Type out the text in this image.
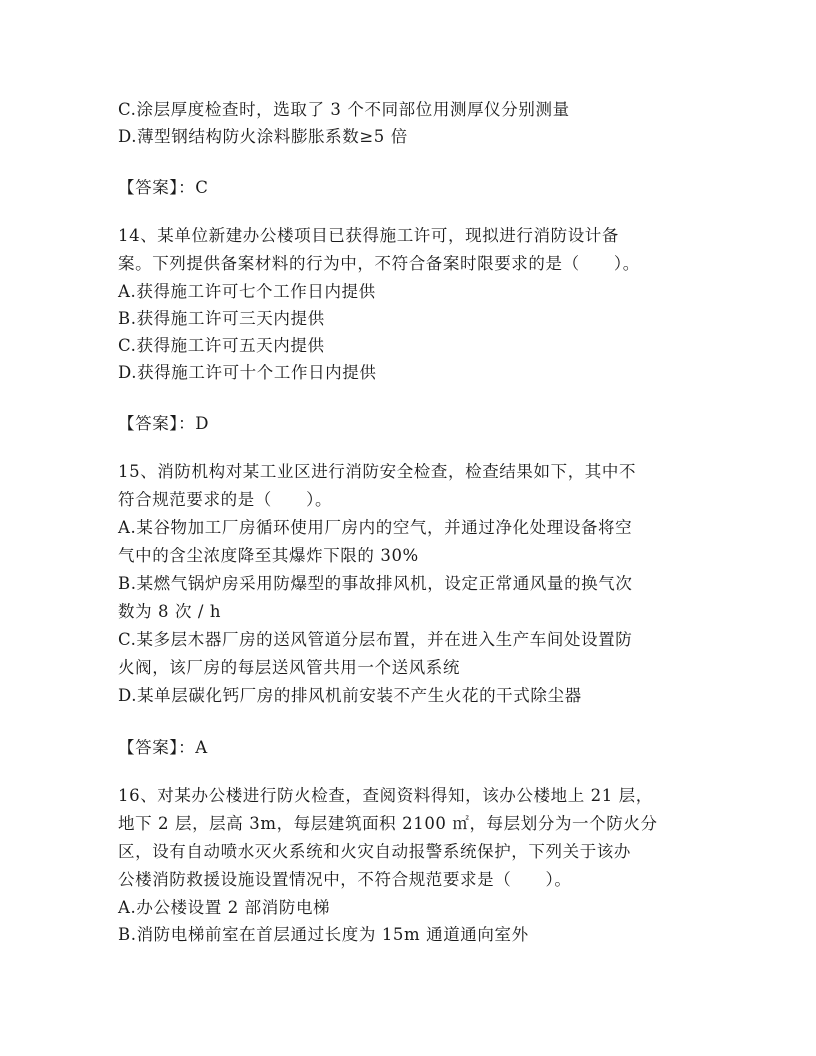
C.涂层厚度检查时，选取了 3 个不同部位用测厚仪分别测量
D.薄型钢结构防火涂料膨胀系数≥5 倍
【答案】：C
14、某单位新建办公楼项目已获得施工许可，现拟进行消防设计备
案。下列提供备案材料的行为中，不符合备案时限要求的是（　　）。
A.获得施工许可七个工作日内提供
B.获得施工许可三天内提供
C.获得施工许可五天内提供
D.获得施工许可十个工作日内提供
【答案】：D
15、消防机构对某工业区进行消防安全检查，检查结果如下，其中不
符合规范要求的是（　　）。
A.某谷物加工厂房循环使用厂房内的空气，并通过净化处理设备将空
气中的含尘浓度降至其爆炸下限的 30%
B.某燃气锅炉房采用防爆型的事故排风机，设定正常通风量的换气次
数为 8 次 / h
C.某多层木器厂房的送风管道分层布置，并在进入生产车间处设置防
火阀，该厂房的每层送风管共用一个送风系统
D.某单层碳化钙厂房的排风机前安装不产生火花的干式除尘器
【答案】：A
16、对某办公楼进行防火检查，查阅资料得知，该办公楼地上 21 层，
地下 2 层，层高 3m，每层建筑面积 2100 ㎡，每层划分为一个防火分
区，设有自动喷水灭火系统和火灾自动报警系统保护，下列关于该办
公楼消防救援设施设置情况中，不符合规范要求是（　　）。
A.办公楼设置 2 部消防电梯
B.消防电梯前室在首层通过长度为 15m 通道通向室外
